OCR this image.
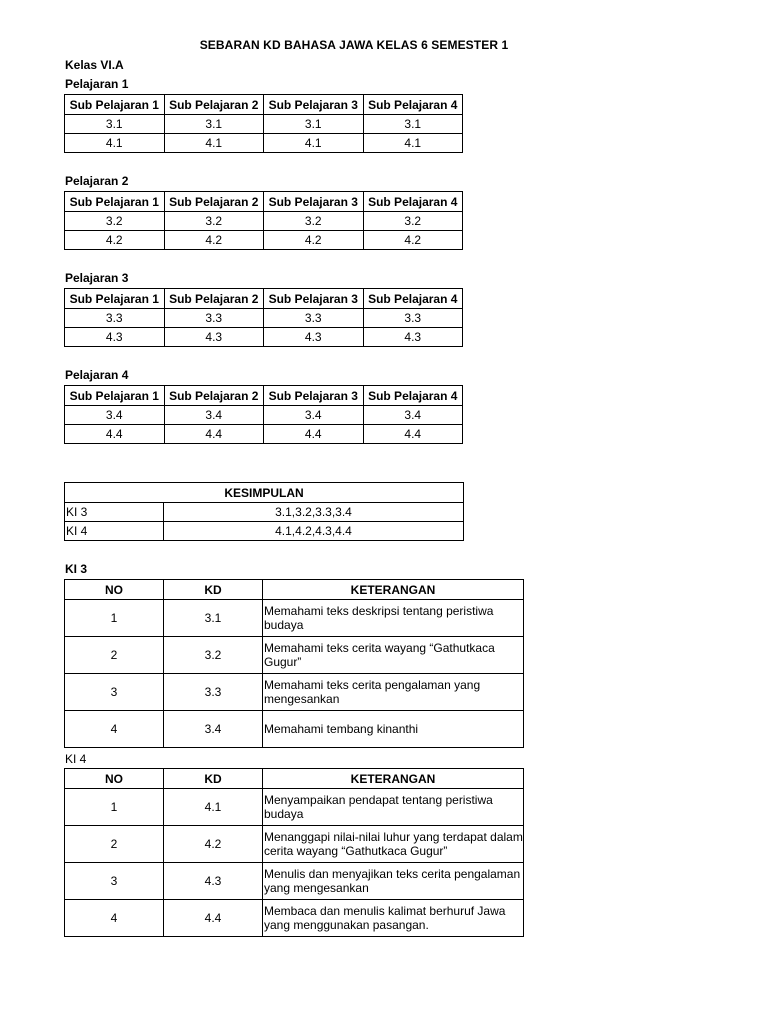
SEBARAN KD BAHASA JAWA KELAS 6 SEMESTER 1
Kelas VI.A
Pelajaran 1
Sub Pelajaran 1	Sub Pelajaran 2	Sub Pelajaran 3	Sub Pelajaran 4
3.1	3.1	3.1	3.1
4.1	4.1	4.1	4.1
Pelajaran 2
Sub Pelajaran 1	Sub Pelajaran 2	Sub Pelajaran 3	Sub Pelajaran 4
3.2	3.2	3.2	3.2
4.2	4.2	4.2	4.2
Pelajaran 3
Sub Pelajaran 1	Sub Pelajaran 2	Sub Pelajaran 3	Sub Pelajaran 4
3.3	3.3	3.3	3.3
4.3	4.3	4.3	4.3
Pelajaran 4
Sub Pelajaran 1	Sub Pelajaran 2	Sub Pelajaran 3	Sub Pelajaran 4
3.4	3.4	3.4	3.4
4.4	4.4	4.4	4.4
KESIMPULAN	
KI 3	3.1,3.2,3.3,3.4
KI 4	4.1,4.2,4.3,4.4
KI 3
NO	KD	KETERANGAN
1	3.1	Memahami teks deskripsi tentang peristiwa budaya
2	3.2	Memahami teks cerita wayang “Gathutkaca Gugur”
3	3.3	Memahami teks cerita pengalaman yang mengesankan
4	3.4	Memahami tembang kinanthi
KI 4
NO	KD	KETERANGAN
1	4.1	Menyampaikan pendapat tentang peristiwa budaya
2	4.2	Menanggapi nilai-nilai luhur yang terdapat dalam cerita wayang “Gathutkaca Gugur”
3	4.3	Menulis dan menyajikan teks cerita pengalaman yang mengesankan
4	4.4	Membaca dan menulis kalimat berhuruf Jawa yang menggunakan pasangan.
